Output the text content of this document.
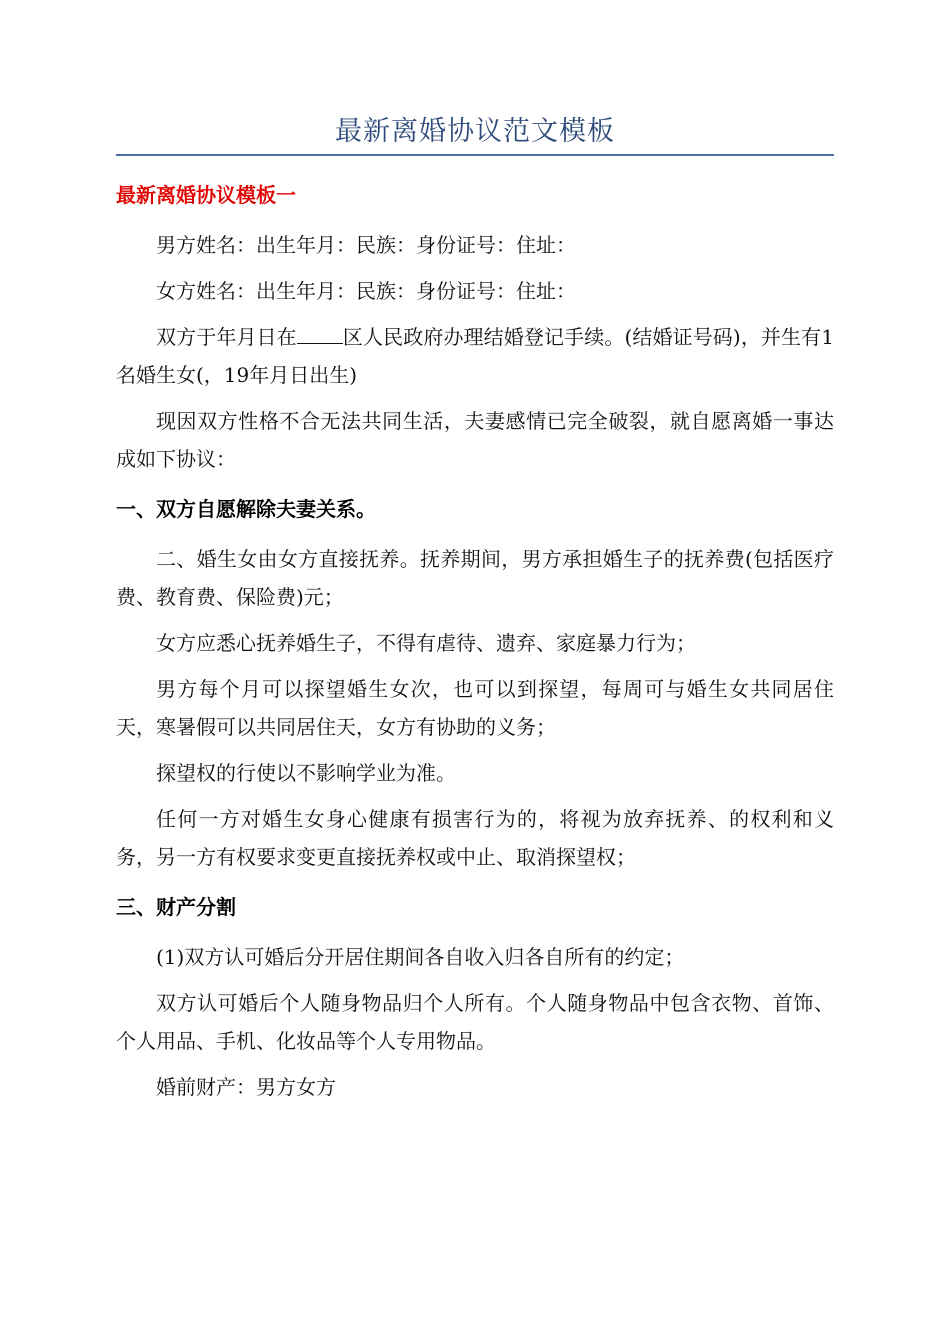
最新离婚协议范文模板

最新离婚协议模板一

男方姓名：出生年月：民族：身份证号：住址：

女方姓名：出生年月：民族：身份证号：住址：

双方于年月日在 区人民政府办理结婚登记手续。(结婚证号码)，并生有1名婚生女(，19年月日出生)

现因双方性格不合无法共同生活，夫妻感情已完全破裂，就自愿离婚一事达成如下协议：

一、双方自愿解除夫妻关系。

二、婚生女由女方直接抚养。抚养期间，男方承担婚生子的抚养费(包括医疗费、教育费、保险费)元；

女方应悉心抚养婚生子，不得有虐待、遗弃、家庭暴力行为；

男方每个月可以探望婚生女次，也可以到探望，每周可与婚生女共同居住天，寒暑假可以共同居住天，女方有协助的义务；

探望权的行使以不影响学业为准。

任何一方对婚生女身心健康有损害行为的，将视为放弃抚养、的权利和义务，另一方有权要求变更直接抚养权或中止、取消探望权；

三、财产分割

(1)双方认可婚后分开居住期间各自收入归各自所有的约定；

双方认可婚后个人随身物品归个人所有。个人随身物品中包含衣物、首饰、个人用品、手机、化妆品等个人专用物品。

婚前财产：男方女方
